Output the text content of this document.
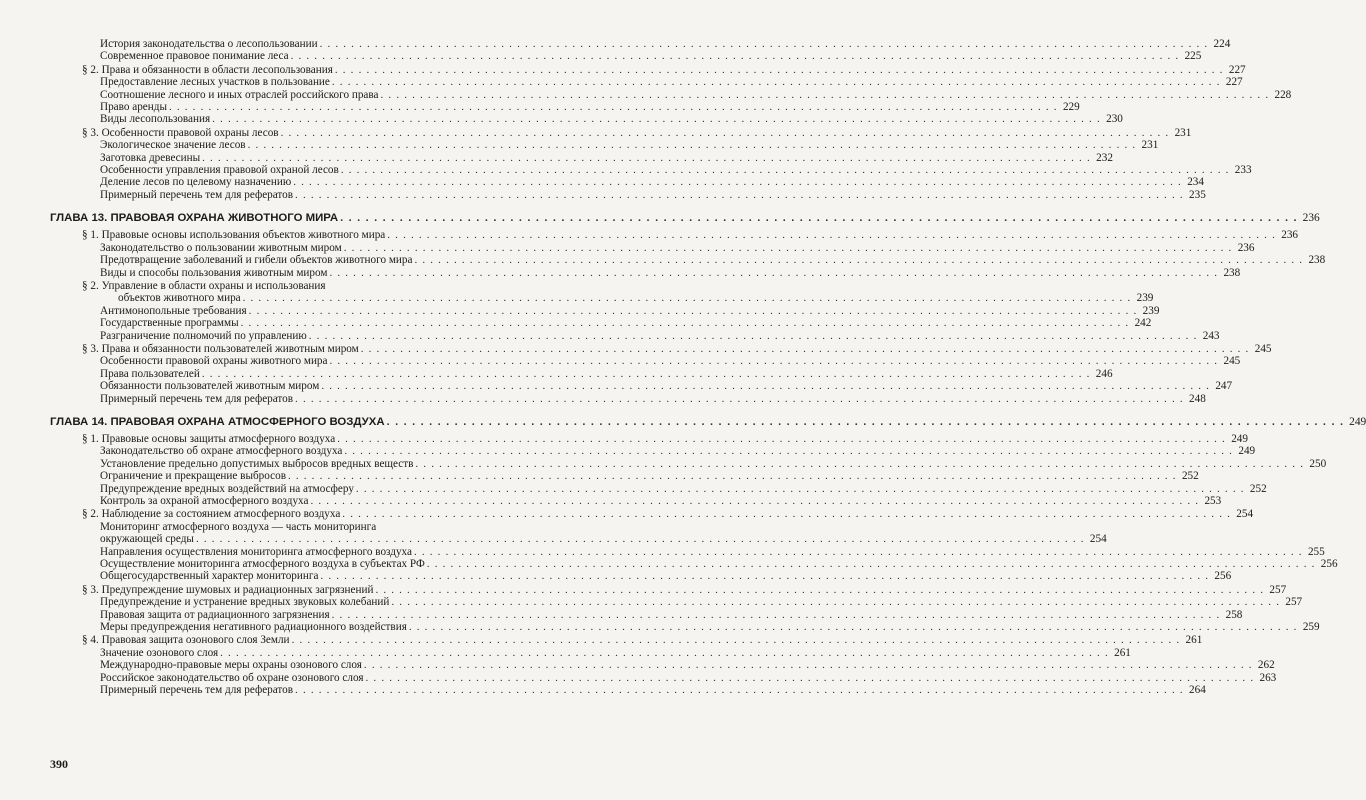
История законодательства о лесопользовании . . .	224
Современное правовое понимание леса . . .	225
§ 2. Права и обязанности в области лесопользования . . .	227
Предоставление лесных участков в пользование . . .	227
Соотношение лесного и иных отраслей российского права . . .	228
Право аренды . . .	229
Виды лесопользования . . .	230
§ 3. Особенности правовой охраны лесов . . .	231
Экологическое значение лесов . . .	231
Заготовка древесины . . .	232
Особенности управления правовой охраной лесов . . .	233
Деление лесов по целевому назначению . . .	234
Примерный перечень тем для рефератов . . .	235
ГЛАВА 13. ПРАВОВАЯ ОХРАНА ЖИВОТНОГО МИРА . . .	236
§ 1. Правовые основы использования объектов животного мира . . .	236
Законодательство о пользовании животным миром . . .	236
Предотвращение заболеваний и гибели объектов животного мира . . .	238
Виды и способы пользования животным миром . . .	238
§ 2. Управление в области охраны и использования
объектов животного мира . . .	239
Антимонопольные требования . . .	239
Государственные программы . . .	242
Разграничение полномочий по управлению . . .	243
§ 3. Права и обязанности пользователей животным миром . . .	245
Особенности правовой охраны животного мира . . .	245
Права пользователей . . .	246
Обязанности пользователей животным миром . . .	247
Примерный перечень тем для рефератов . . .	248
ГЛАВА 14. ПРАВОВАЯ ОХРАНА АТМОСФЕРНОГО ВОЗДУХА . . .	249
§ 1. Правовые основы защиты атмосферного воздуха . . .	249
Законодательство об охране атмосферного воздуха . . .	249
Установление предельно допустимых выбросов вредных веществ . . .	250
Ограничение и прекращение выбросов . . .	252
Предупреждение вредных воздействий на атмосферу . . .	252
Контроль за охраной атмосферного воздуха . . .	253
§ 2. Наблюдение за состоянием атмосферного воздуха . . .	254
Мониторинг атмосферного воздуха — часть мониторинга
окружающей среды . . .	254
Направления осуществления мониторинга атмосферного воздуха . . .	255
Осуществление мониторинга атмосферного воздуха в субъектах РФ . . .	256
Общегосударственный характер мониторинга . . .	256
§ 3. Предупреждение шумовых и радиационных загрязнений . . .	257
Предупреждение и устранение вредных звуковых колебаний . . .	257
Правовая защита от радиационного загрязнения . . .	258
Меры предупреждения негативного радиационного воздействия . . .	259
§ 4. Правовая защита озонового слоя Земли . . .	261
Значение озонового слоя . . .	261
Международно-правовые меры охраны озонового слоя . . .	262
Российское законодательство об охране озонового слоя . . .	263
Примерный перечень тем для рефератов . . .	264
390
